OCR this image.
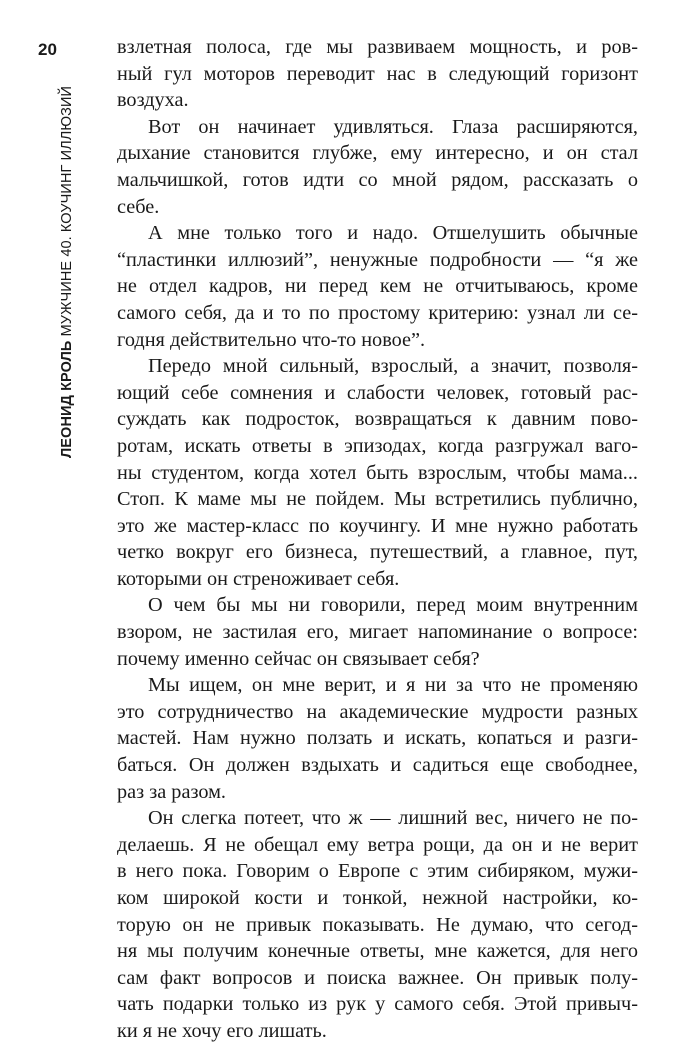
20
ЛЕОНИД КРОЛЬ МУЖЧИНЕ 40. КОУЧИНГ ИЛЛЮЗИЙ
взлетная полоса, где мы развиваем мощность, и ров-
ный гул моторов переводит нас в следующий горизонт
воздуха.
Вот он начинает удивляться. Глаза расширяются,
дыхание становится глубже, ему интересно, и он стал
мальчишкой, готов идти со мной рядом, рассказать о
себе.
А мне только того и надо. Отшелушить обычные
“пластинки иллюзий”, ненужные подробности — “я же
не отдел кадров, ни перед кем не отчитываюсь, кроме
самого себя, да и то по простому критерию: узнал ли се-
годня действительно что-то новое”.
Передо мной сильный, взрослый, а значит, позволя-
ющий себе сомнения и слабости человек, готовый рас-
суждать как подросток, возвращаться к давним пово-
ротам, искать ответы в эпизодах, когда разгружал ваго-
ны студентом, когда хотел быть взрослым, чтобы мама...
Стоп. К маме мы не пойдем. Мы встретились публично,
это же мастер-класс по коучингу. И мне нужно работать
четко вокруг его бизнеса, путешествий, а главное, пут,
которыми он стреноживает себя.
О чем бы мы ни говорили, перед моим внутренним
взором, не застилая его, мигает напоминание о вопросе:
почему именно сейчас он связывает себя?
Мы ищем, он мне верит, и я ни за что не променяю
это сотрудничество на академические мудрости разных
мастей. Нам нужно ползать и искать, копаться и разги-
баться. Он должен вздыхать и садиться еще свободнее,
раз за разом.
Он слегка потеет, что ж — лишний вес, ничего не по-
делаешь. Я не обещал ему ветра рощи, да он и не верит
в него пока. Говорим о Европе с этим сибиряком, мужи-
ком широкой кости и тонкой, нежной настройки, ко-
торую он не привык показывать. Не думаю, что сегод-
ня мы получим конечные ответы, мне кажется, для него
сам факт вопросов и поиска важнее. Он привык полу-
чать подарки только из рук у самого себя. Этой привыч-
ки я не хочу его лишать.
